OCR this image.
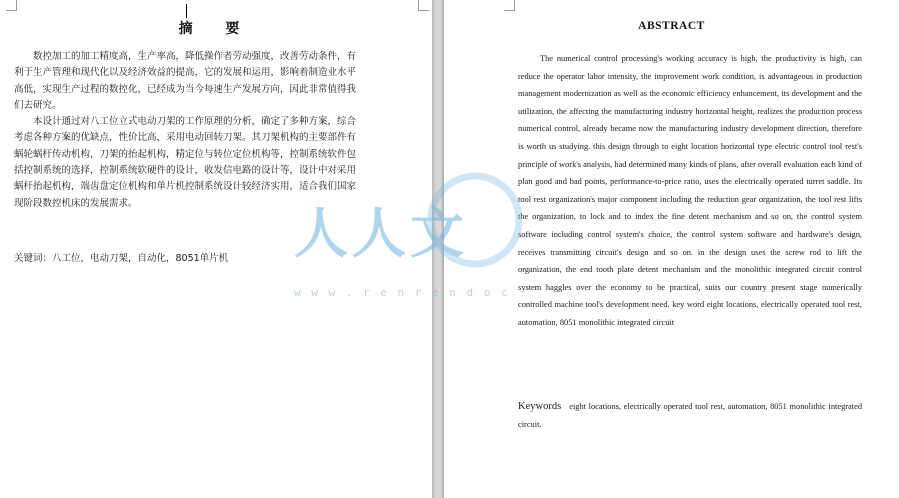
摘 要

数控加工的加工精度高，生产率高，降低操作者劳动强度，改善劳动条件，有利于生产管理和现代化以及经济效益的提高，它的发展和运用，影响着制造业水平高低，实现生产过程的数控化，已经成为当今每速生产发展方向，因此非常值得我们去研究。

本设计通过对八工位立式电动刀架的工作原理的分析，确定了多种方案，综合考虑各种方案的优缺点，性价比高，采用电动回转刀架。其刀架机构的主要部件有蜗轮蜗杆传动机构，刀架的抬起机构，精定位与转位定位机构等，控制系统软件包括控制系统的选择，控制系统软硬件的设计，收发信电路的设计等，设计中对采用蜗杆抬起机构，端齿盘定位机构和单片机控制系统设计较经济实用，适合我们国家现阶段数控机床的发展需求。

关键词：八工位，电动刀架，自动化，8051单片机
ABSTRACT

The numerical control processing's working accuracy is high, the productivity is high, can reduce the operator labor intensity, the improvement work condition, is advantageous in production management modernization as well as the economic efficiency enhancement, its development and the utilization, the affecting the manufacturing industry horizontal height, realizes the production process numerical control, already became now the manufacturing industry development direction, therefore is worth us studying. this design through to eight location horizontal type electric control tool rest's principle of work's analysis, had determined many kinds of plans, after overall evaluation each kind of plan good and bad points, performance-to-price ratio, uses the electrically operated turret saddle. Its tool rest organization's major component including the reduction gear organization, the tool rest lifts the organization, to lock and to index the fine detent mechanism and so on, the control system software including control system's choice, the control system software and hardware's design, receives transmitting circuit's design and so on. in the design uses the screw rod to lift the organization, the end tooth plate detent mechanism and the monolithic integrated circuit control system haggles over the economy to be practical, suits our country present stage numerically controlled machine tool's development need. key word eight locations, electrically operated tool rest, automation, 8051 monolithic integrated circuit

Keywords eight locations, electrically operated tool rest, automation, 8051 monolithic integrated circuit.
人人文
w w w . r e n r e n d o c
